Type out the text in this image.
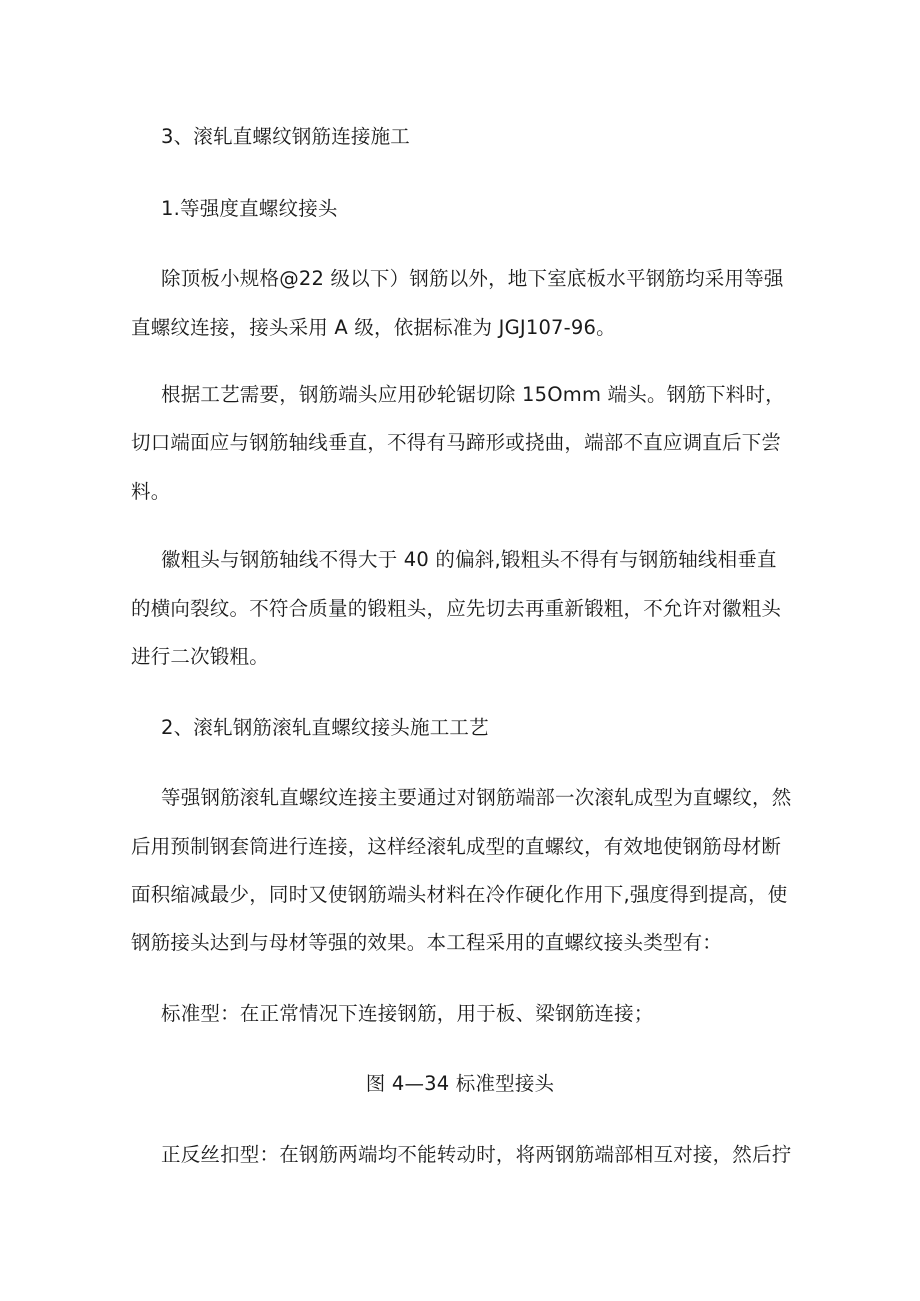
3、滚轧直螺纹钢筋连接施工
1.等强度直螺纹接头
除顶板小规格@22 级以下）钢筋以外，地下室底板水平钢筋均采用等强
直螺纹连接，接头采用 A 级，依据标准为 JGJ107-96。
根据工艺需要，钢筋端头应用砂轮锯切除 15Omm 端头。钢筋下料时，
切口端面应与钢筋轴线垂直，不得有马蹄形或挠曲，端部不直应调直后下尝
料。
徽粗头与钢筋轴线不得大于 40 的偏斜,锻粗头不得有与钢筋轴线相垂直
的横向裂纹。不符合质量的锻粗头，应先切去再重新锻粗，不允许对徽粗头
进行二次锻粗。
2、滚轧钢筋滚轧直螺纹接头施工工艺
等强钢筋滚轧直螺纹连接主要通过对钢筋端部一次滚轧成型为直螺纹，然
后用预制钢套筒进行连接，这样经滚轧成型的直螺纹，有效地使钢筋母材断
面积缩减最少，同时又使钢筋端头材料在冷作硬化作用下,强度得到提高，使
钢筋接头达到与母材等强的效果。本工程采用的直螺纹接头类型有：
标准型：在正常情况下连接钢筋，用于板、梁钢筋连接；
图 4—34 标准型接头
正反丝扣型：在钢筋两端均不能转动时，将两钢筋端部相互对接，然后拧
